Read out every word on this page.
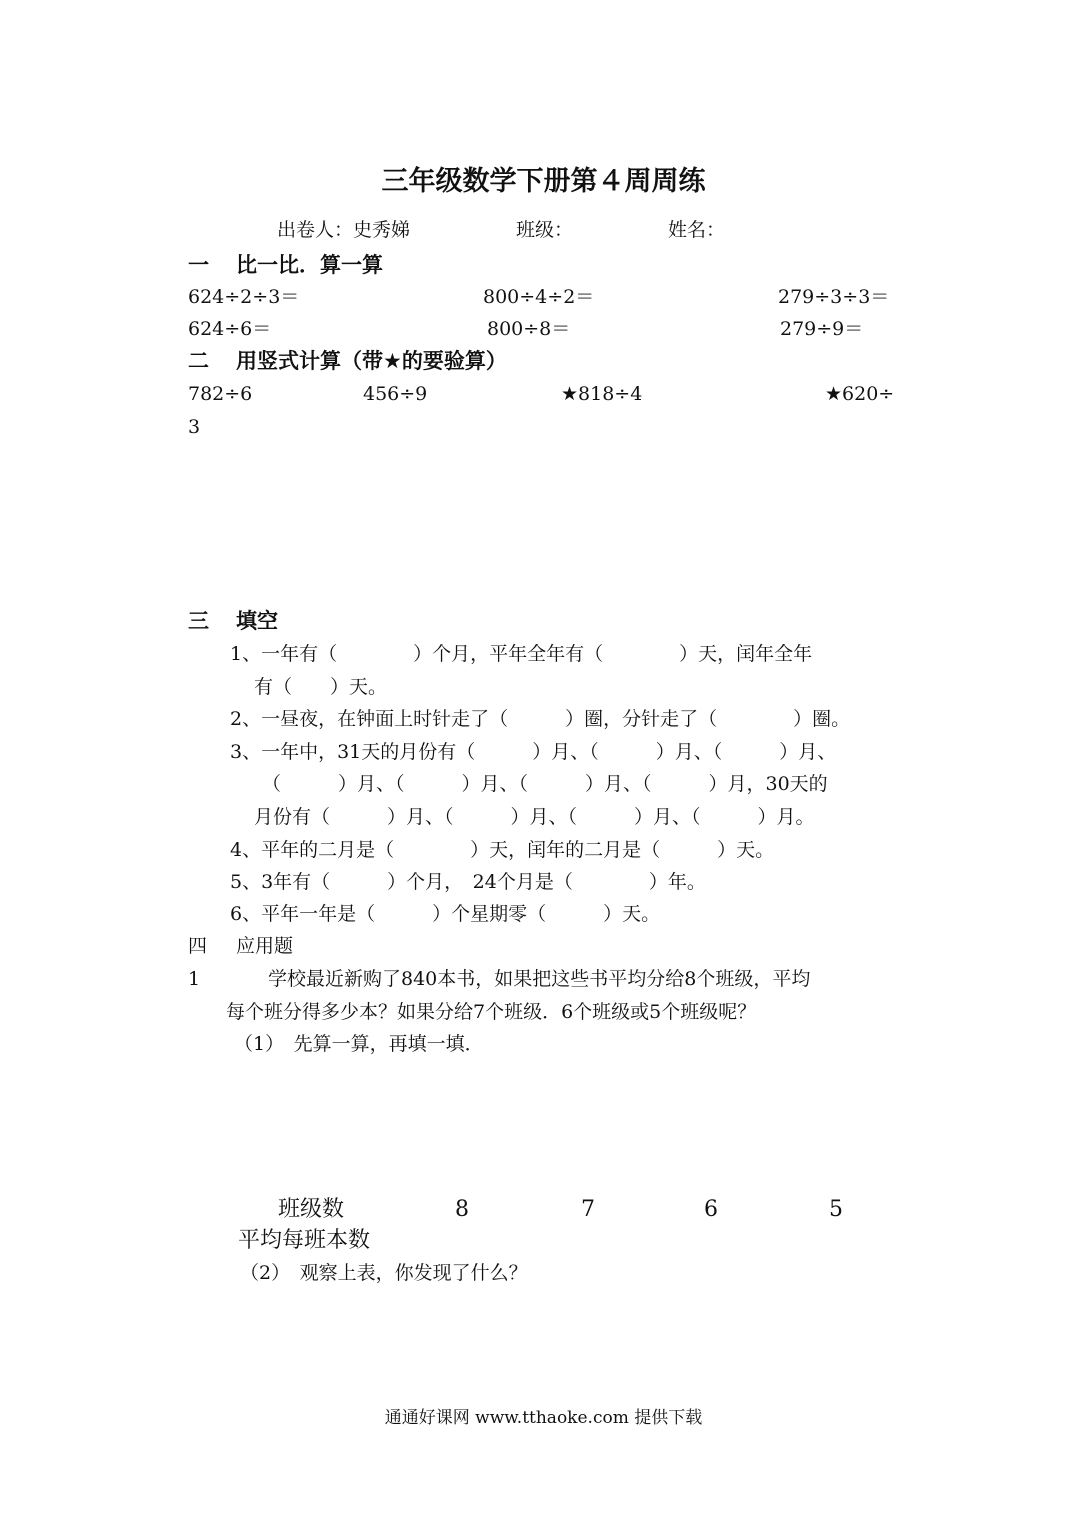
三年级数学下册第４周周练
出卷人：史秀娣	班级：	姓名：
一 比一比．算一算
624÷2÷3＝	800÷4÷2＝	279÷3÷3＝
624÷6＝	800÷8＝	279÷9＝
二 用竖式计算（带★的要验算）
782÷6	456÷9	★818÷4	★620÷
3
三 填空
1、一年有（　　　　）个月，平年全年有（　　　　）天，闰年全年
有（　　）天。
2、一昼夜，在钟面上时针走了（　　　）圈，分针走了（　　　　）圈。
3、一年中，31天的月份有（　　　）月、（　　　）月、（　　　）月、
（　　　）月、（　　　）月、（　　　）月、（　　　）月，30天的
月份有（　　　）月、（　　　）月、（　　　）月、（　　　）月。
4、平年的二月是（　　　　）天，闰年的二月是（　　　）天。
5、3年有（　　　）个月，　24个月是（　　　　）年。
6、平年一年是（　　　）个星期零（　　　）天。
四 应用题
1	学校最近新购了840本书，如果把这些书平均分给8个班级，平均
每个班分得多少本？如果分给7个班级．6个班级或5个班级呢？
（1）　先算一算，再填一填．
班级数	8	7	6	5
平均每班本数
（2）　观察上表，你发现了什么？
通通好课网 www.tthaoke.com 提供下载
